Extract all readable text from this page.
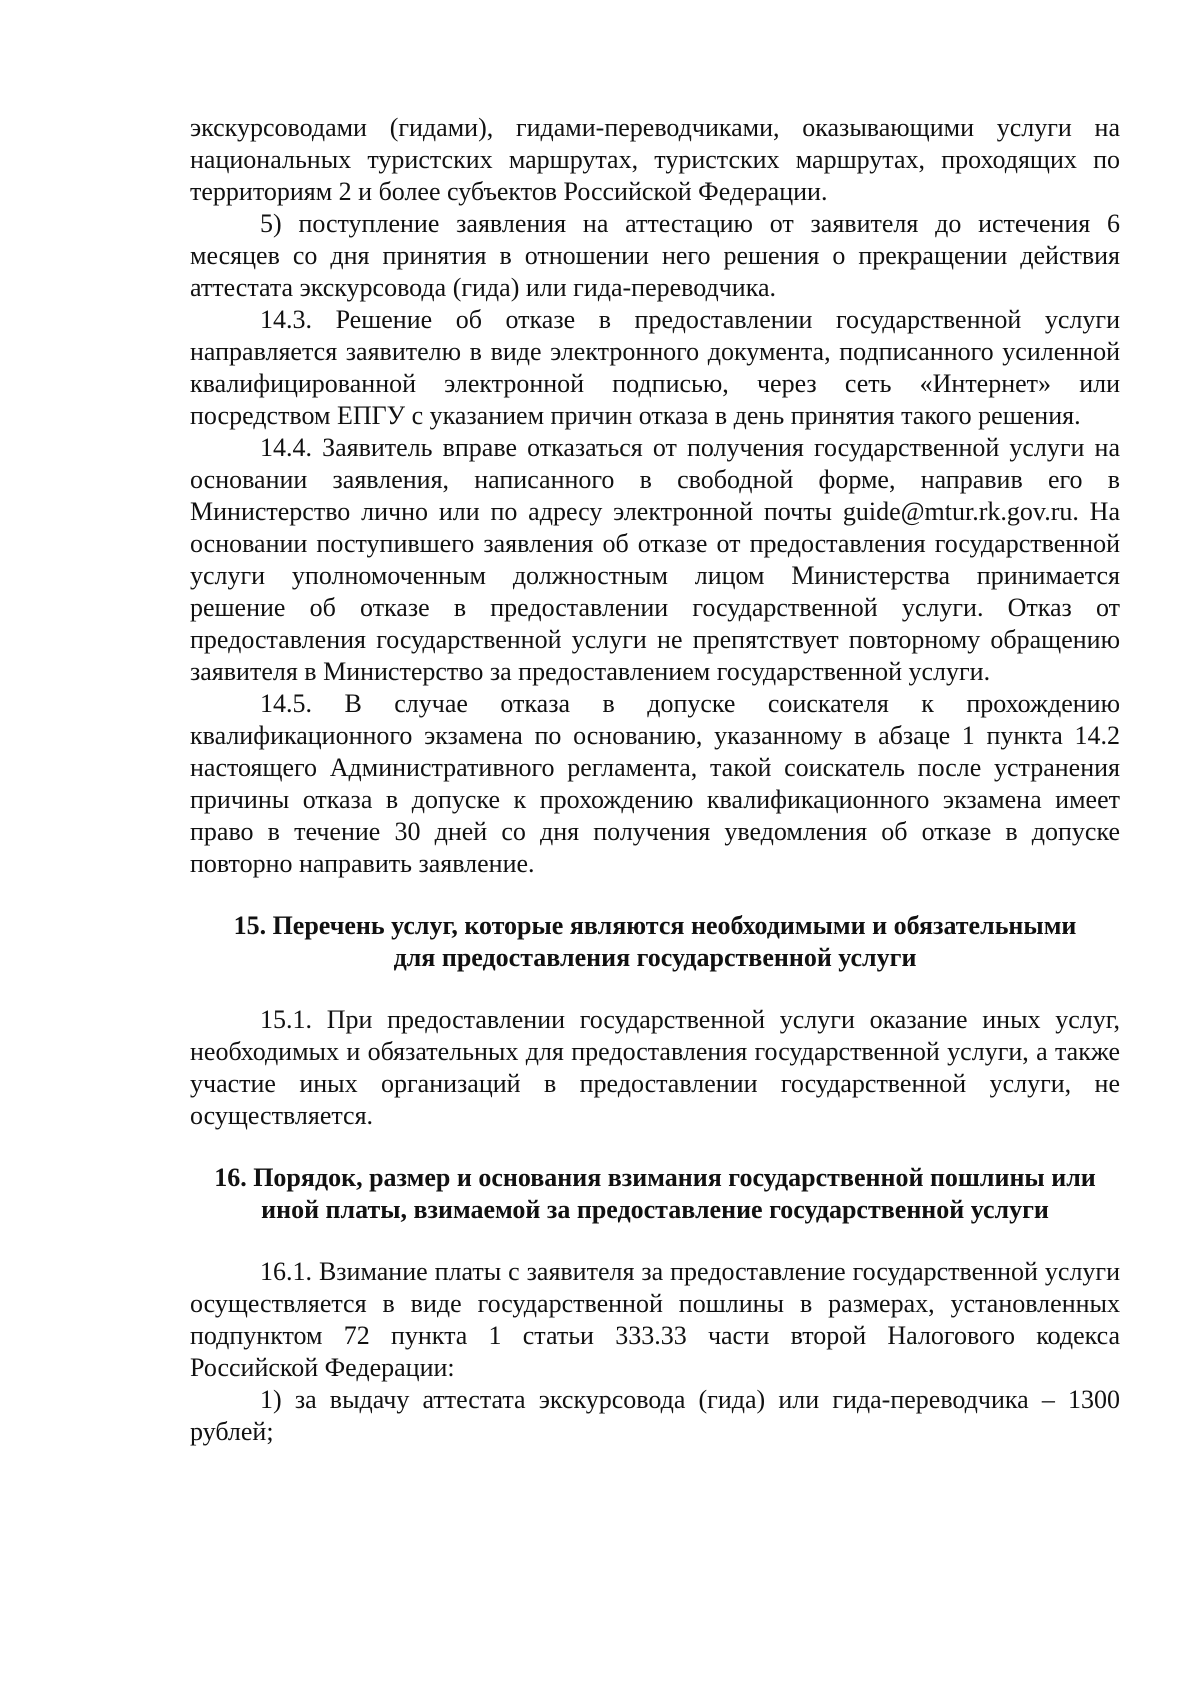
экскурсоводами (гидами), гидами-переводчиками, оказывающими услуги на национальных туристских маршрутах, туристских маршрутах, проходящих по территориям 2 и более субъектов Российской Федерации.

5) поступление заявления на аттестацию от заявителя до истечения 6 месяцев со дня принятия в отношении него решения о прекращении действия аттестата экскурсовода (гида) или гида-переводчика.

14.3. Решение об отказе в предоставлении государственной услуги направляется заявителю в виде электронного документа, подписанного усиленной квалифицированной электронной подписью, через сеть «Интернет» или посредством ЕПГУ с указанием причин отказа в день принятия такого решения.

14.4. Заявитель вправе отказаться от получения государственной услуги на основании заявления, написанного в свободной форме, направив его в Министерство лично или по адресу электронной почты guide@mtur.rk.gov.ru. На основании поступившего заявления об отказе от предоставления государственной услуги уполномоченным должностным лицом Министерства принимается решение об отказе в предоставлении государственной услуги. Отказ от предоставления государственной услуги не препятствует повторному обращению заявителя в Министерство за предоставлением государственной услуги.

14.5. В случае отказа в допуске соискателя к прохождению квалификационного экзамена по основанию, указанному в абзаце 1 пункта 14.2 настоящего Административного регламента, такой соискатель после устранения причины отказа в допуске к прохождению квалификационного экзамена имеет право в течение 30 дней со дня получения уведомления об отказе в допуске повторно направить заявление.

15. Перечень услуг, которые являются необходимыми и обязательными для предоставления государственной услуги

15.1. При предоставлении государственной услуги оказание иных услуг, необходимых и обязательных для предоставления государственной услуги, а также участие иных организаций в предоставлении государственной услуги, не осуществляется.

16. Порядок, размер и основания взимания государственной пошлины или иной платы, взимаемой за предоставление государственной услуги

16.1. Взимание платы с заявителя за предоставление государственной услуги осуществляется в виде государственной пошлины в размерах, установленных подпунктом 72 пункта 1 статьи 333.33 части второй Налогового кодекса Российской Федерации:

1) за выдачу аттестата экскурсовода (гида) или гида-переводчика – 1300 рублей;
